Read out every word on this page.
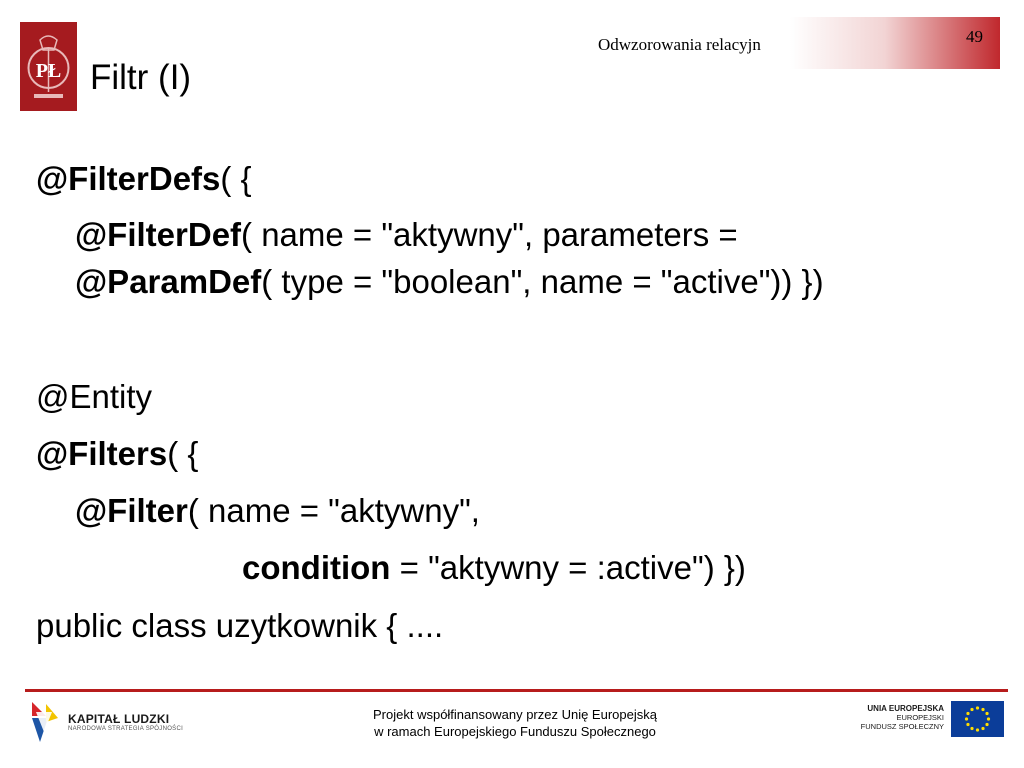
PŁ
Odwzorowania relacyjn	49
Filtr (I)
@FilterDefs( {
@FilterDef( name = "aktywny", parameters =
@ParamDef( type = "boolean", name = "active")) })
@Entity
@Filters( {
@Filter( name = "aktywny",
condition = "aktywny = :active") })
public class uzytkownik { ....
KAPITAŁ LUDZKI
NARODOWA STRATEGIA SPÓJNOŚCI
Projekt współfinansowany przez Unię Europejską
w ramach Europejskiego Funduszu Społecznego
UNIA EUROPEJSKA
EUROPEJSKI
FUNDUSZ SPOŁECZNY
